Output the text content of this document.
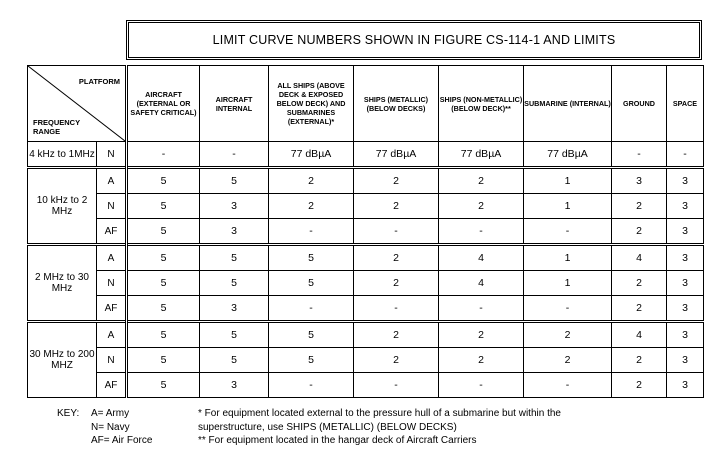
LIMIT CURVE NUMBERS SHOWN IN FIGURE CS-114-1 AND LIMITS
PLATFORM
FREQUENCY
RANGE		AIRCRAFT (EXTERNAL OR SAFETY CRITICAL)	AIRCRAFT INTERNAL	ALL SHIPS (ABOVE DECK & EXPOSED BELOW DECK) AND SUBMARINES (EXTERNAL)*	SHIPS (METALLIC) (BELOW DECKS)	SHIPS (NON-METALLIC) (BELOW DECK)**	SUBMARINE (INTERNAL)	GROUND	SPACE
4 kHz to 1MHz	N	-	-	77 dBµA	77 dBµA	77 dBµA	77 dBµA	-	-
10 kHz to 2 MHz	A	5	5	2	2	2	1	3	3
	N	5	3	2	2	2	1	2	3
	AF	5	3	-	-	-	-	2	3
2 MHz to 30 MHz	A	5	5	5	2	4	1	4	3
	N	5	5	5	2	4	1	2	3
	AF	5	3	-	-	-	-	2	3
30 MHz to 200 MHZ	A	5	5	5	2	2	2	4	3
	N	5	5	5	2	2	2	2	3
	AF	5	3	-	-	-	-	2	3
KEY: A= Army
N= Navy
AF= Air Force
* For equipment located external to the pressure hull of a submarine but within the
superstructure, use SHIPS (METALLIC) (BELOW DECKS)
** For equipment located in the hangar deck of Aircraft Carriers
